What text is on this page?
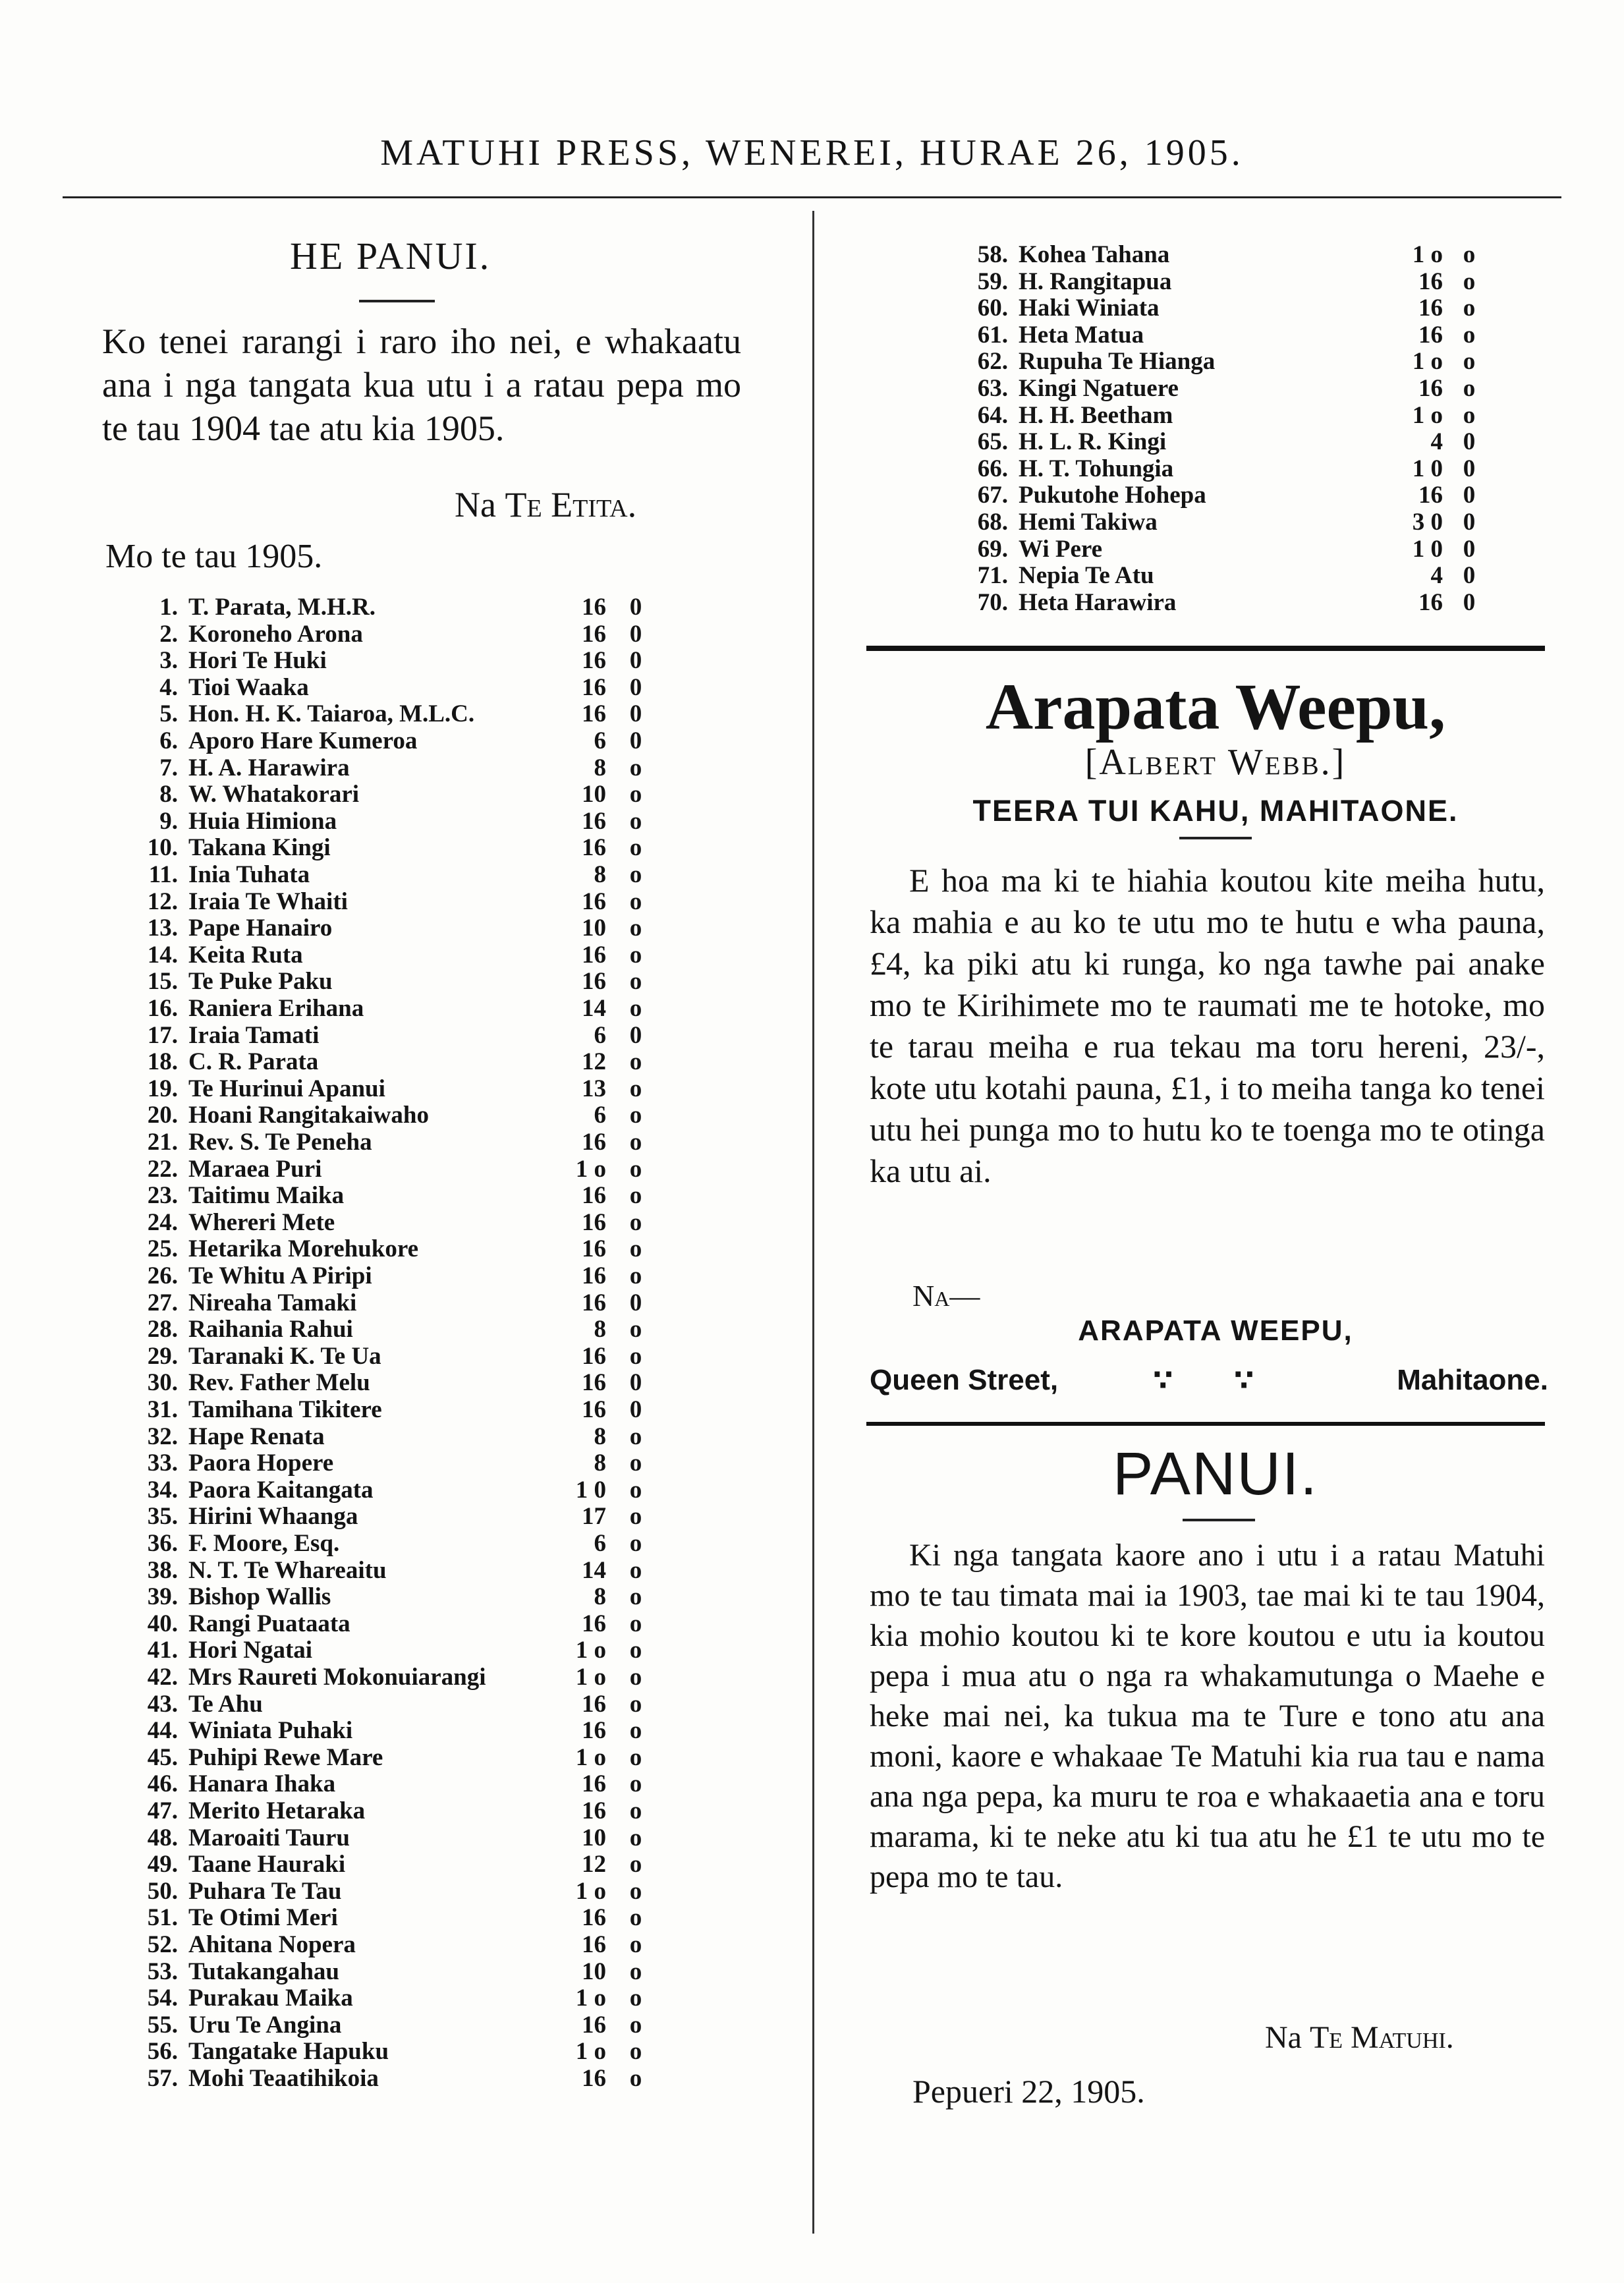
MATUHI PRESS, WENEREI, HURAE 26, 1905.
HE PANUI.
Ko tenei rarangi i raro iho nei, e whakaatu ana i nga tangata kua utu i a ratau pepa mo te tau 1904 tae atu kia 1905.
Na Te Etita.
Mo te tau 1905.
1. T. Parata, M.H.R.	16 0
2. Koroneho Arona	16 0
3. Hori Te Huki	16 0
4. Tioi Waaka	16 0
5. Hon. H. K. Taiaroa, M.L.C.	16 0
6. Aporo Hare Kumeroa	6 0
7. H. A. Harawira	8 o
8. W. Whatakorari	10 o
9. Huia Himiona	16 o
10. Takana Kingi	16 o
11. Inia Tuhata	8 o
12. Iraia Te Whaiti	16 o
13. Pape Hanairo	10 o
14. Keita Ruta	16 o
15. Te Puke Paku	16 o
16. Raniera Erihana	14 o
17. Iraia Tamati	6 0
18. C. R. Parata	12 o
19. Te Hurinui Apanui	13 o
20. Hoani Rangitakaiwaho	6 o
21. Rev. S. Te Peneha	16 o
22. Maraea Puri	1 o o
23. Taitimu Maika	16 o
24. Whereri Mete	16 o
25. Hetarika Morehukore	16 o
26. Te Whitu A Piripi	16 o
27. Nireaha Tamaki	16 0
28. Raihania Rahui	8 o
29. Taranaki K. Te Ua	16 o
30. Rev. Father Melu	16 0
31. Tamihana Tikitere	16 0
32. Hape Renata	8 o
33. Paora Hopere	8 o
34. Paora Kaitangata	1 0 o
35. Hirini Whaanga	17 o
36. F. Moore, Esq.	6 o
38. N. T. Te Whareaitu	14 o
39. Bishop Wallis	8 o
40. Rangi Puataata	16 o
41. Hori Ngatai	1 o o
42. Mrs Raureti Mokonuiarangi	1 o o
43. Te Ahu	16 o
44. Winiata Puhaki	16 o
45. Puhipi Rewe Mare	1 o o
46. Hanara Ihaka	16 o
47. Merito Hetaraka	16 o
48. Maroaiti Tauru	10 o
49. Taane Hauraki	12 o
50. Puhara Te Tau	1 o o
51. Te Otimi Meri	16 o
52. Ahitana Nopera	16 o
53. Tutakangahau	10 o
54. Purakau Maika	1 o o
55. Uru Te Angina	16 o
56. Tangatake Hapuku	1 o o
57. Mohi Teaatihikoia	16 o
58. Kohea Tahana	1 o o
59. H. Rangitapua	16 o
60. Haki Winiata	16 o
61. Heta Matua	16 o
62. Rupuha Te Hianga	1 o o
63. Kingi Ngatuere	16 o
64. H. H. Beetham	1 o o
65. H. L. R. Kingi	4 0
66. H. T. Tohungia	1 0 0
67. Pukutohe Hohepa	16 0
68. Hemi Takiwa	3 0 0
69. Wi Pere	1 0 0
71. Nepia Te Atu	4 0
70. Heta Harawira	16 0
Arapata Weepu,
[Albert Webb.]
TEERA TUI KAHU, MAHITAONE.
E hoa ma ki te hiahia koutou kite meiha hutu, ka mahia e au ko te utu mo te hutu e wha pauna, £4, ka piki atu ki runga, ko nga tawhe pai anake mo te Kirihimete mo te raumati me te hotoke, mo te tarau meiha e rua tekau ma toru hereni, 23/-, kote utu kotahi pauna, £1, i to meiha tanga ko tenei utu hei punga mo to hutu ko te toenga mo te otinga ka utu ai.
Na—
ARAPATA WEEPU,
Queen Street,	∵ ∵	Mahitaone.
PANUI.
Ki nga tangata kaore ano i utu i a ratau Matuhi mo te tau timata mai ia 1903, tae mai ki te tau 1904, kia mohio koutou ki te kore koutou e utu ia koutou pepa i mua atu o nga ra whakamutunga o Maehe e heke mai nei, ka tukua ma te Ture e tono atu ana moni, kaore e whakaae Te Matuhi kia rua tau e nama ana nga pepa, ka muru te roa e whakaaetia ana e toru marama, ki te neke atu ki tua atu he £1 te utu mo te pepa mo te tau.
Na Te Matuhi.
Pepueri 22, 1905.
